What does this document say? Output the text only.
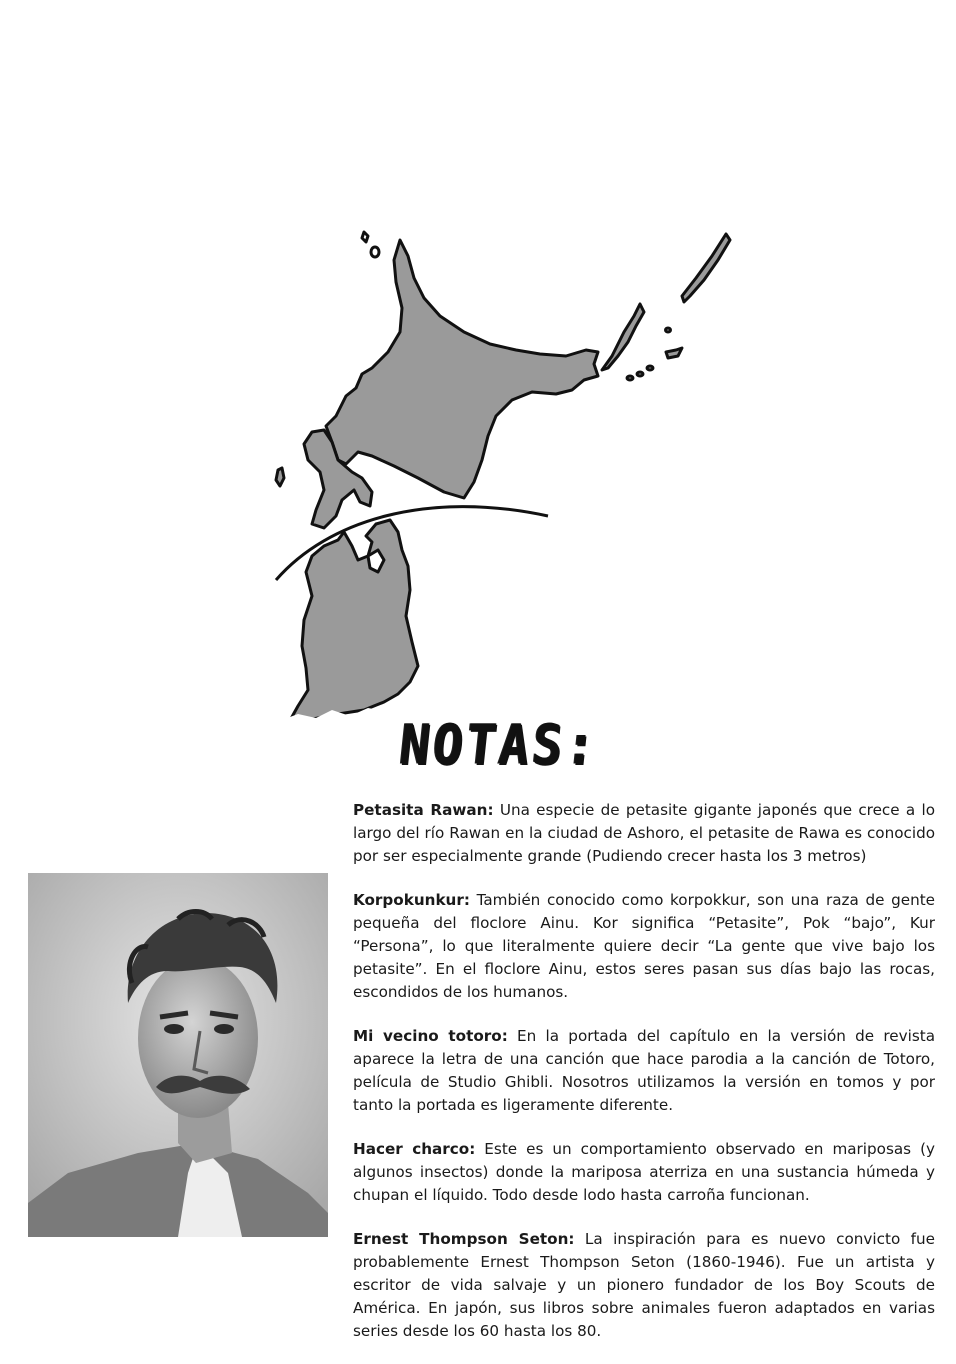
NOTAS:

Petasita Rawan: Una especie de petasite gigante japonés que crece a lo largo del río Rawan en la ciudad de Ashoro, el petasite de Rawa es conocido por ser especialmente grande (Pudiendo crecer hasta los 3 metros)

Korpokunkur: También conocido como korpokkur, son una raza de gente pequeña del floclore Ainu. Kor significa “Petasite”, Pok “bajo”, Kur “Persona”, lo que literalmente quiere decir “La gente que vive bajo los petasite”. En el floclore Ainu, estos seres pasan sus días bajo las rocas, escondidos de los humanos.

Mi vecino totoro: En la portada del capítulo en la versión de revista aparece la letra de una canción que hace parodia a la canción de Totoro, película de Studio Ghibli. Nosotros utilizamos la versión en tomos y por tanto la portada es ligeramente diferente.

Hacer charco: Este es un comportamiento observado en mariposas (y algunos insectos) donde la mariposa aterriza en una sustancia húmeda y chupan el líquido. Todo desde lodo hasta carroña funcionan.

Ernest Thompson Seton: La inspiración para es nuevo convicto fue probablemente Ernest Thompson Seton (1860-1946). Fue un artista y escritor de vida salvaje y un pionero fundador de los Boy Scouts de América. En japón, sus libros sobre animales fueron adaptados en varias series desde los 60 hasta los 80.
